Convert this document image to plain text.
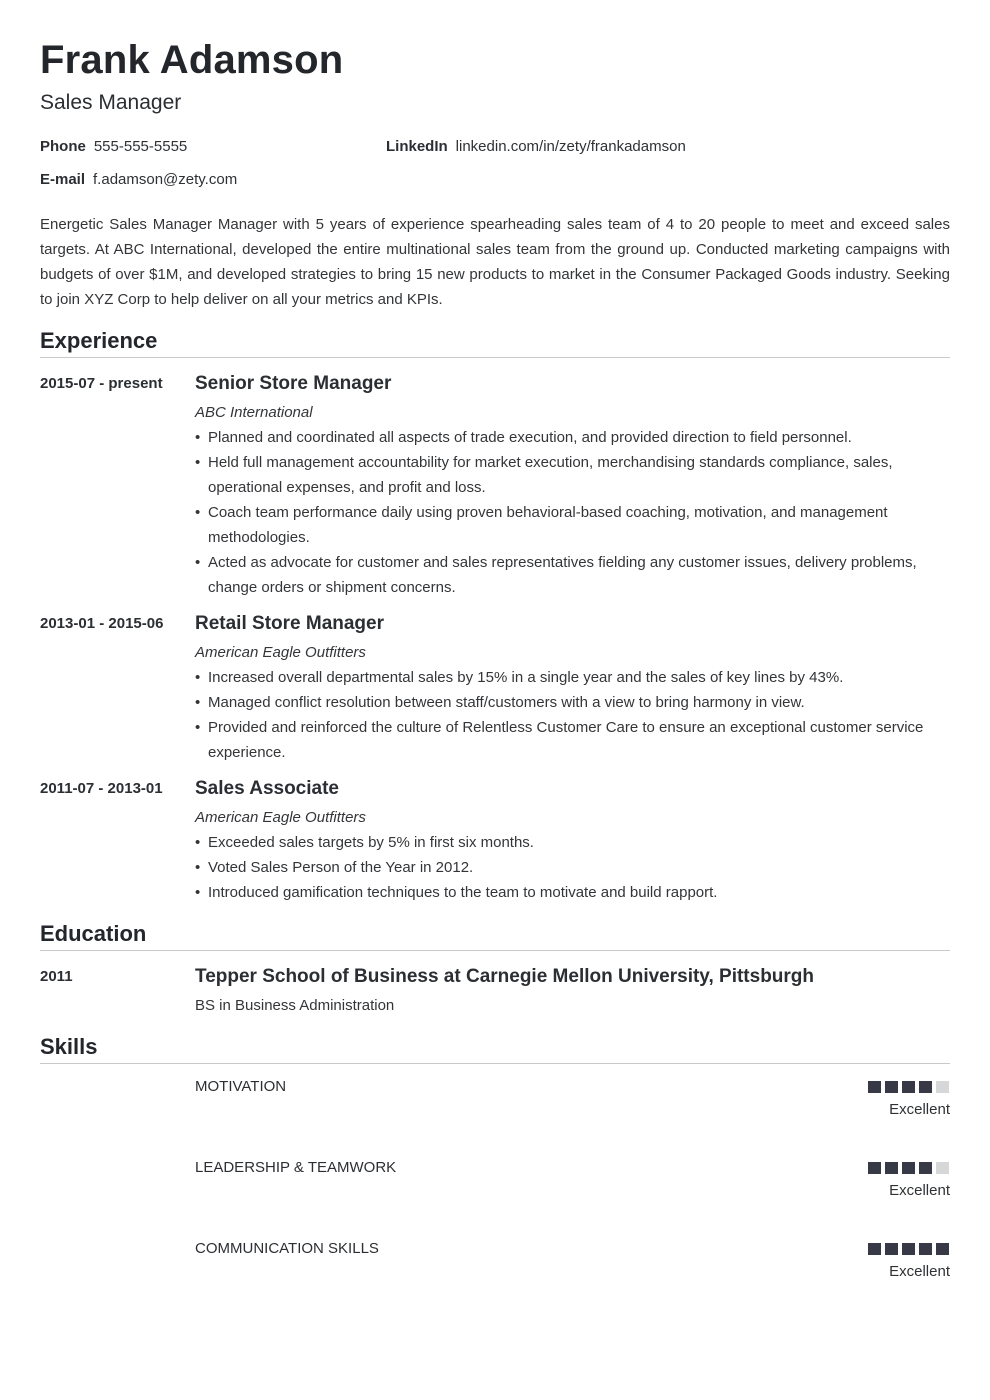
Frank Adamson
Sales Manager
Phone 555-555-5555	LinkedIn linkedin.com/in/zety/frankadamson
E-mail f.adamson@zety.com

Energetic Sales Manager Manager with 5 years of experience spearheading sales team of 4 to 20 people to meet and exceed sales targets. At ABC International, developed the entire multinational sales team from the ground up. Conducted marketing campaigns with budgets of over $1M, and developed strategies to bring 15 new products to market in the Consumer Packaged Goods industry. Seeking to join XYZ Corp to help deliver on all your metrics and KPIs.

Experience
2015-07 - present Senior Store Manager
ABC International
• Planned and coordinated all aspects of trade execution, and provided direction to field personnel.
• Held full management accountability for market execution, merchandising standards compliance, sales, operational expenses, and profit and loss.
• Coach team performance daily using proven behavioral-based coaching, motivation, and management methodologies.
• Acted as advocate for customer and sales representatives fielding any customer issues, delivery problems, change orders or shipment concerns.
2013-01 - 2015-06 Retail Store Manager
American Eagle Outfitters
• Increased overall departmental sales by 15% in a single year and the sales of key lines by 43%.
• Managed conflict resolution between staff/customers with a view to bring harmony in view.
• Provided and reinforced the culture of Relentless Customer Care to ensure an exceptional customer service experience.
2011-07 - 2013-01 Sales Associate
American Eagle Outfitters
• Exceeded sales targets by 5% in first six months.
• Voted Sales Person of the Year in 2012.
• Introduced gamification techniques to the team to motivate and build rapport.
Education
2011	Tepper School of Business at Carnegie Mellon University, Pittsburgh
BS in Business Administration
Skills
MOTIVATION
Excellent
LEADERSHIP & TEAMWORK
Excellent
COMMUNICATION SKILLS
Excellent
